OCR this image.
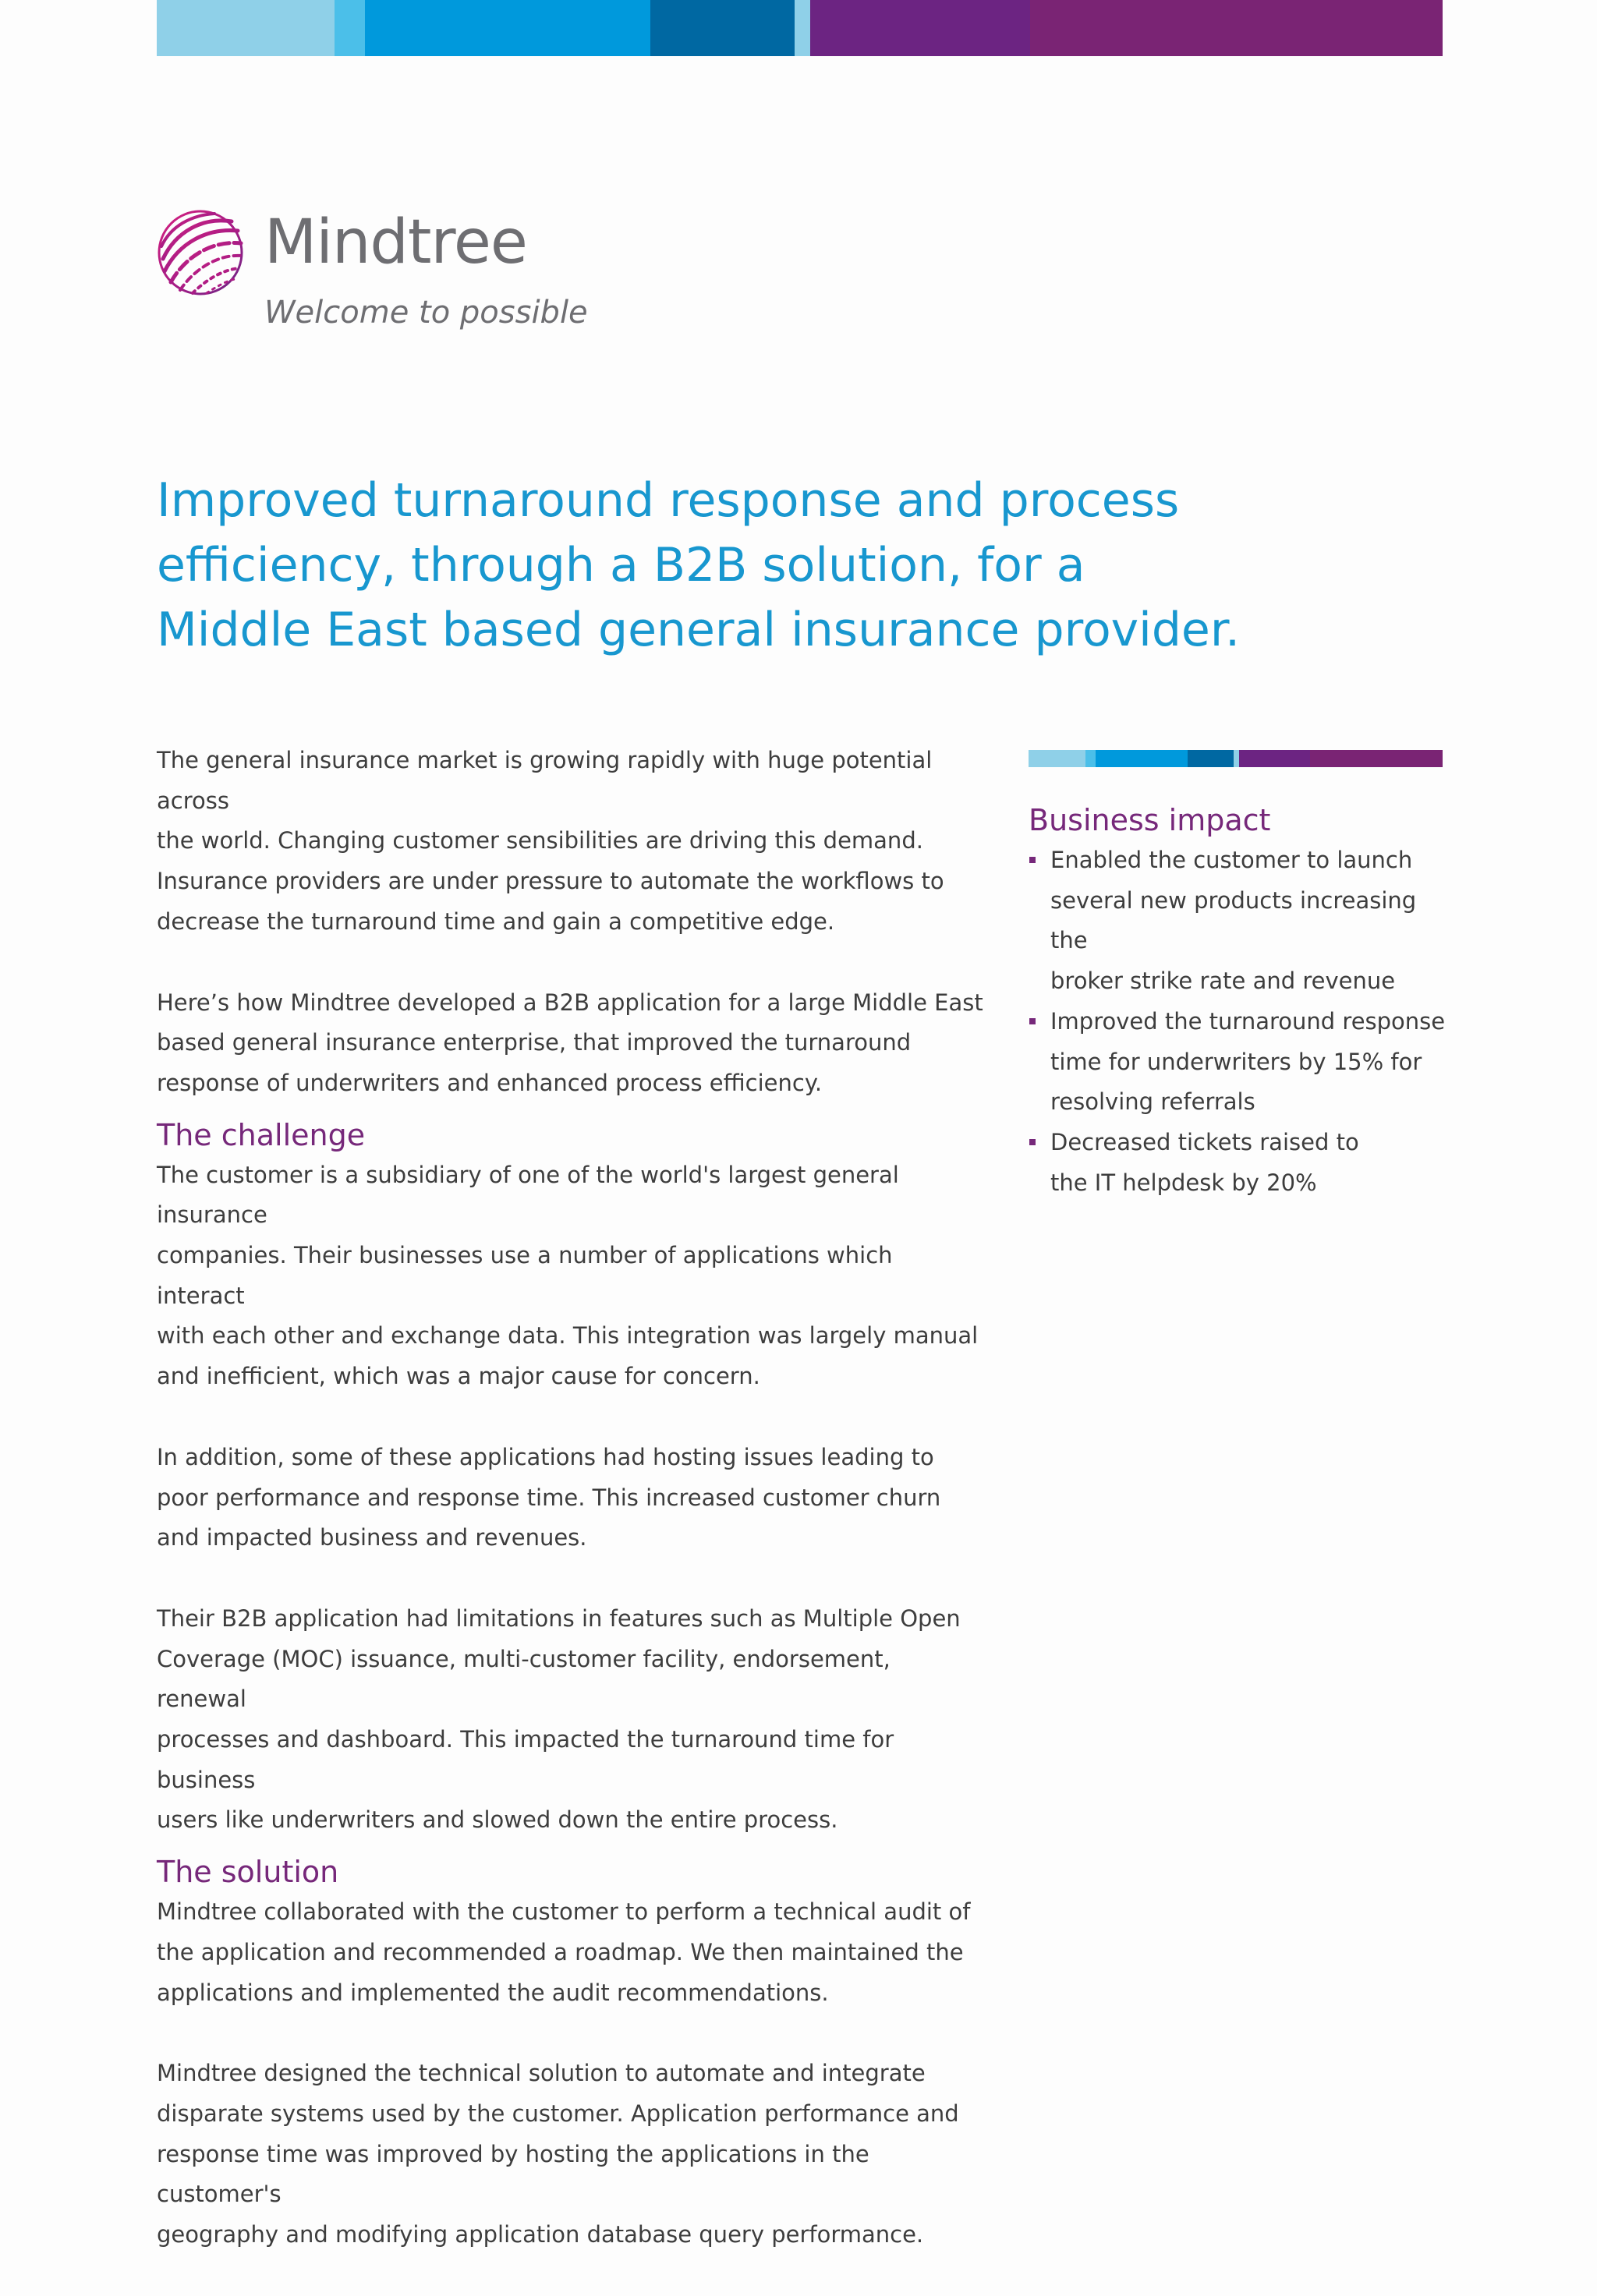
Mindtree
Welcome to possible
Improved turnaround response and process
efficiency, through a B2B solution, for a
Middle East based general insurance provider.

The general insurance market is growing rapidly with huge potential across
the world. Changing customer sensibilities are driving this demand.
Insurance providers are under pressure to automate the workflows to
decrease the turnaround time and gain a competitive edge.

Here’s how Mindtree developed a B2B application for a large Middle East
based general insurance enterprise, that improved the turnaround
response of underwriters and enhanced process efficiency.

The challenge

The customer is a subsidiary of one of the world's largest general insurance
companies. Their businesses use a number of applications which interact
with each other and exchange data. This integration was largely manual
and inefficient, which was a major cause for concern.

In addition, some of these applications had hosting issues leading to
poor performance and response time. This increased customer churn
and impacted business and revenues.

Their B2B application had limitations in features such as Multiple Open
Coverage (MOC) issuance, multi-customer facility, endorsement, renewal
processes and dashboard. This impacted the turnaround time for business
users like underwriters and slowed down the entire process.

The solution

Mindtree collaborated with the customer to perform a technical audit of
the application and recommended a roadmap. We then maintained the
applications and implemented the audit recommendations.

Mindtree designed the technical solution to automate and integrate
disparate systems used by the customer. Application performance and
response time was improved by hosting the applications in the customer's
geography and modifying application database query performance.

Business impact
Enabled the customer to launch
several new products increasing the
broker strike rate and revenue
Improved the turnaround response
time for underwriters by 15% for
resolving referrals
Decreased tickets raised to
the IT helpdesk by 20%
